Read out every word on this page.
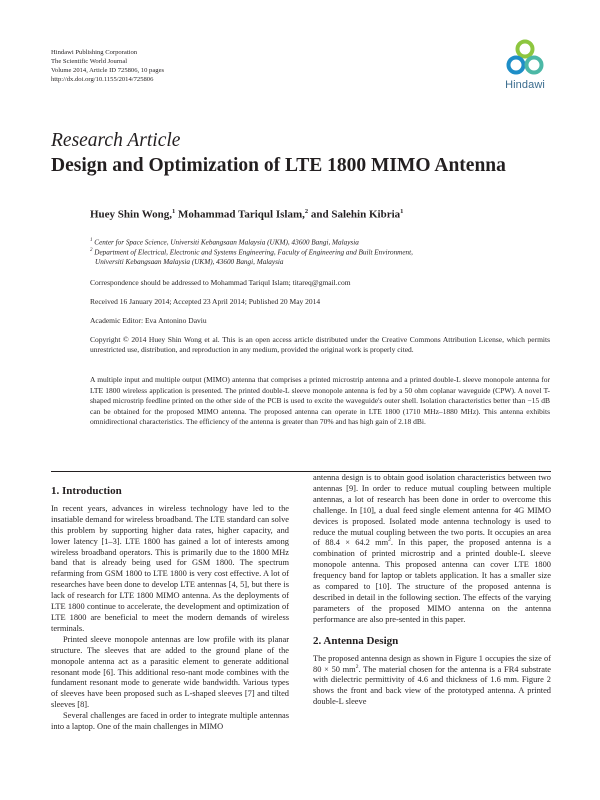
Hindawi Publishing Corporation
The Scientific World Journal
Volume 2014, Article ID 725806, 10 pages
http://dx.doi.org/10.1155/2014/725806	Hindawi
Research Article
Design and Optimization of LTE 1800 MIMO Antenna
Huey Shin Wong,$^1$ Mohammad Tariqul Islam,$^2$ and Salehin Kibria$^1$
$^1$ Center for Space Science, Universiti Kebangsaan Malaysia (UKM), 43600 Bangi, Malaysia
$^2$ Department of Electrical, Electronic and Systems Engineering, Faculty of Engineering and Built Environment,
Universiti Kebangsaan Malaysia (UKM), 43600 Bangi, Malaysia
Correspondence should be addressed to Mohammad Tariqul Islam; titareq@gmail.com
Received 16 January 2014; Accepted 23 April 2014; Published 20 May 2014
Academic Editor: Eva Antonino Daviu
Copyright © 2014 Huey Shin Wong et al. This is an open access article distributed under the Creative Commons Attribution License, which permits unrestricted use, distribution, and reproduction in any medium, provided the original work is properly cited.
A multiple input and multiple output (MIMO) antenna that comprises a printed microstrip antenna and a printed double-L sleeve monopole antenna for LTE 1800 wireless application is presented. The printed double-L sleeve monopole antenna is fed by a 50 ohm coplanar waveguide (CPW). A novel T-shaped microstrip feedline printed on the other side of the PCB is used to excite the waveguide's outer shell. Isolation characteristics better than −15 dB can be obtained for the proposed MIMO antenna. The proposed antenna can operate in LTE 1800 (1710 MHz–1880 MHz). This antenna exhibits omnidirectional characteristics. The efficiency of the antenna is greater than 70% and has high gain of 2.18 dBi.
1. Introduction

In recent years, advances in wireless technology have led to the insatiable demand for wireless broadband. The LTE standard can solve this problem by supporting higher data rates, higher capacity, and lower latency [1–3]. LTE 1800 has gained a lot of interests among wireless broadband operators. This is primarily due to the 1800 MHz band that is already being used for GSM 1800. The spectrum refarming from GSM 1800 to LTE 1800 is very cost effective. A lot of researches have been done to develop LTE antennas [4, 5], but there is lack of research for LTE 1800 MIMO antenna. As the deployments of LTE 1800 continue to accelerate, the development and optimization of LTE 1800 are beneficial to meet the modern demands of wireless terminals.

Printed sleeve monopole antennas are low profile with its planar structure. The sleeves that are added to the ground plane of the monopole antenna act as a parasitic element to generate additional resonant mode [6]. This additional reso-nant mode combines with the fundament resonant mode to generate wide bandwidth. Various types of sleeves have been proposed such as L-shaped sleeves [7] and tilted sleeves [8].

Several challenges are faced in order to integrate multiple antennas into a laptop. One of the main challenges in MIMO

antenna design is to obtain good isolation characteristics between two antennas [9]. In order to reduce mutual coupling between multiple antennas, a lot of research has been done in order to overcome this challenge. In [10], a dual feed single element antenna for 4G MIMO devices is proposed. Isolated mode antenna technology is used to reduce the mutual coupling between the two ports. It occupies an area of 88.4 × 64.2 $mm^2$. In this paper, the proposed antenna is a combination of printed microstrip and a printed double-L sleeve monopole antenna. This proposed antenna can cover LTE 1800 frequency band for laptop or tablets application. It has a smaller size as compared to [10]. The structure of the proposed antenna is described in detail in the following section. The effects of the varying parameters of the proposed MIMO antenna on the antenna performance are also pre-sented in this paper.

2. Antenna Design

The proposed antenna design as shown in Figure 1 occupies the size of 80 × 50 $mm^2$. The material chosen for the antenna is a FR4 substrate with dielectric permittivity of 4.6 and thickness of 1.6 mm. Figure 2 shows the front and back view of the prototyped antenna. A printed double-L sleeve
